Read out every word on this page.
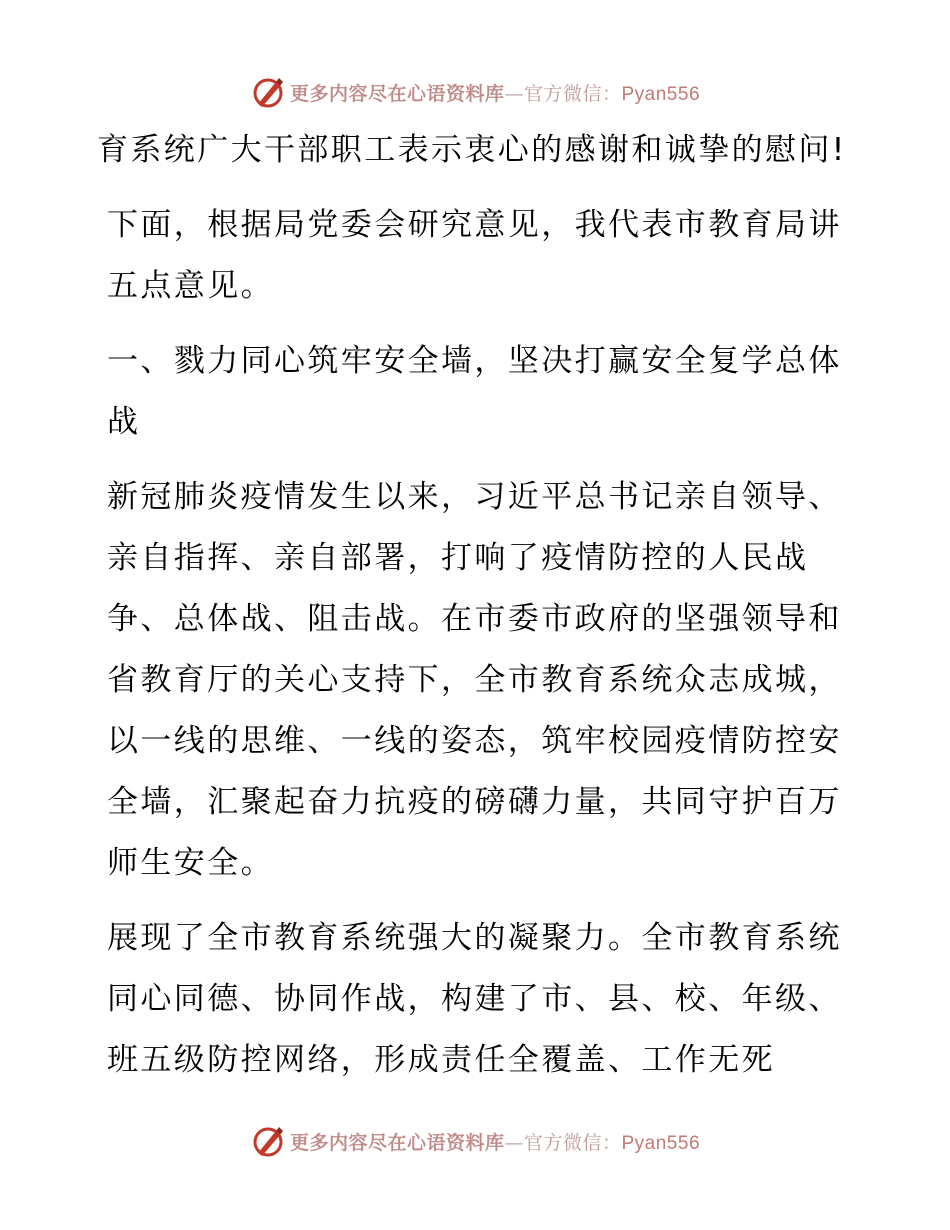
更多内容尽在心语资料库—官方微信：Pyan556

育系统广大干部职工表示衷心的感谢和诚挚的慰问!

下面，根据局党委会研究意见，我代表市教育局讲五点意见。

一、戮力同心筑牢安全墙，坚决打赢安全复学总体战

新冠肺炎疫情发生以来，习近平总书记亲自领导、亲自指挥、亲自部署，打响了疫情防控的人民战争、总体战、阻击战。在市委市政府的坚强领导和省教育厅的关心支持下，全市教育系统众志成城，以一线的思维、一线的姿态，筑牢校园疫情防控安全墙，汇聚起奋力抗疫的磅礴力量，共同守护百万师生安全。

展现了全市教育系统强大的凝聚力。全市教育系统同心同德、协同作战，构建了市、县、校、年级、班五级防控网络，形成责任全覆盖、工作无死

更多内容尽在心语资料库—官方微信：Pyan556
